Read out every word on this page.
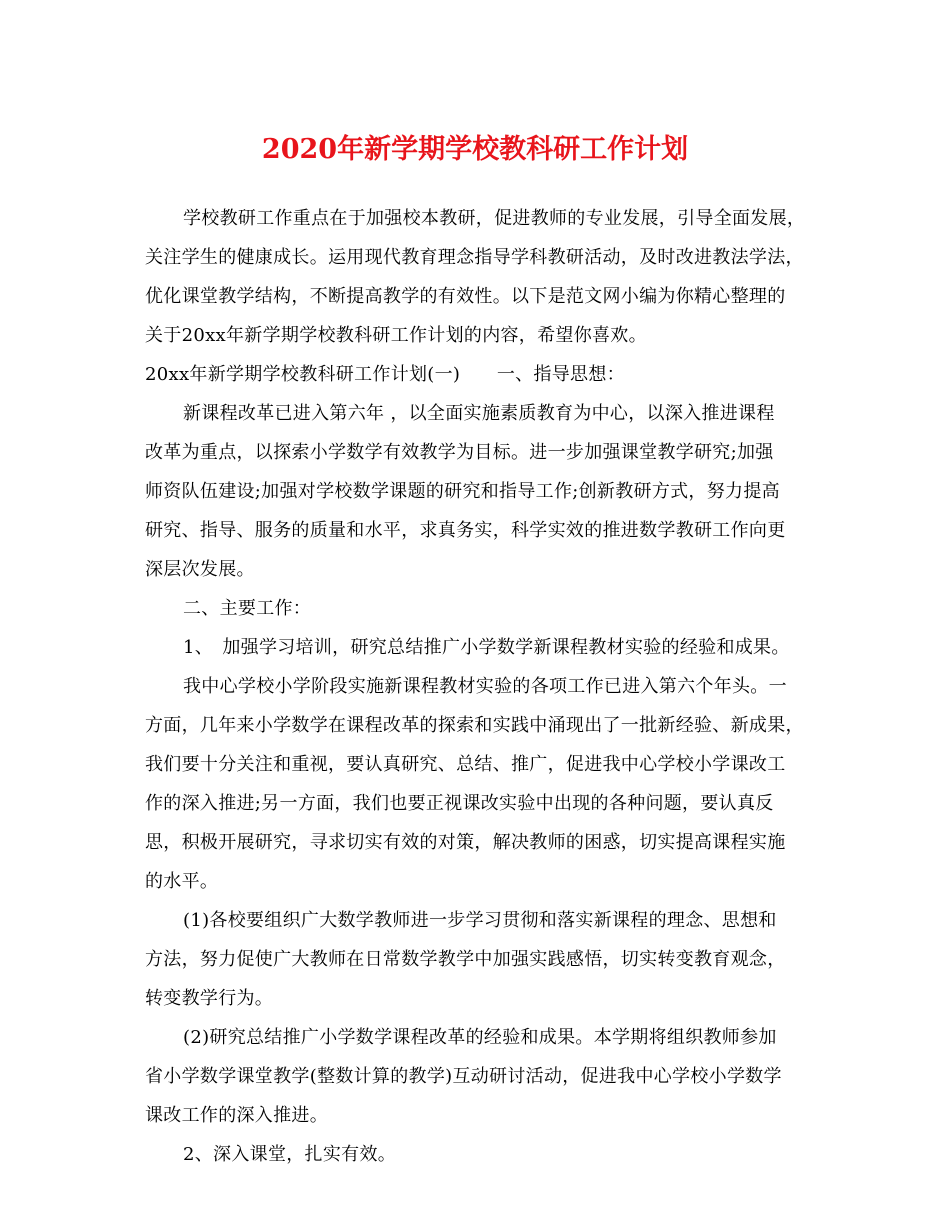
2020年新学期学校教科研工作计划
学校教研工作重点在于加强校本教研，促进教师的专业发展，引导全面发展，
关注学生的健康成长。运用现代教育理念指导学科教研活动，及时改进教法学法，
优化课堂教学结构，不断提高教学的有效性。以下是范文网小编为你精心整理的
关于20xx年新学期学校教科研工作计划的内容，希望你喜欢。
20xx年新学期学校教科研工作计划(一)　　一、指导思想：
新课程改革已进入第六年 ，以全面实施素质教育为中心，以深入推进课程
改革为重点，以探索小学数学有效教学为目标。进一步加强课堂教学研究;加强
师资队伍建设;加强对学校数学课题的研究和指导工作;创新教研方式，努力提高
研究、指导、服务的质量和水平，求真务实，科学实效的推进数学教研工作向更
深层次发展。
二、主要工作：
1、　加强学习培训，研究总结推广小学数学新课程教材实验的经验和成果。
我中心学校小学阶段实施新课程教材实验的各项工作已进入第六个年头。一
方面，几年来小学数学在课程改革的探索和实践中涌现出了一批新经验、新成果，
我们要十分关注和重视，要认真研究、总结、推广，促进我中心学校小学课改工
作的深入推进;另一方面，我们也要正视课改实验中出现的各种问题，要认真反
思，积极开展研究，寻求切实有效的对策，解决教师的困惑，切实提高课程实施
的水平。
(1)各校要组织广大数学教师进一步学习贯彻和落实新课程的理念、思想和
方法，努力促使广大教师在日常数学教学中加强实践感悟，切实转变教育观念，
转变教学行为。
(2)研究总结推广小学数学课程改革的经验和成果。本学期将组织教师参加
省小学数学课堂教学(整数计算的教学)互动研讨活动，促进我中心学校小学数学
课改工作的深入推进。
2、深入课堂，扎实有效。
